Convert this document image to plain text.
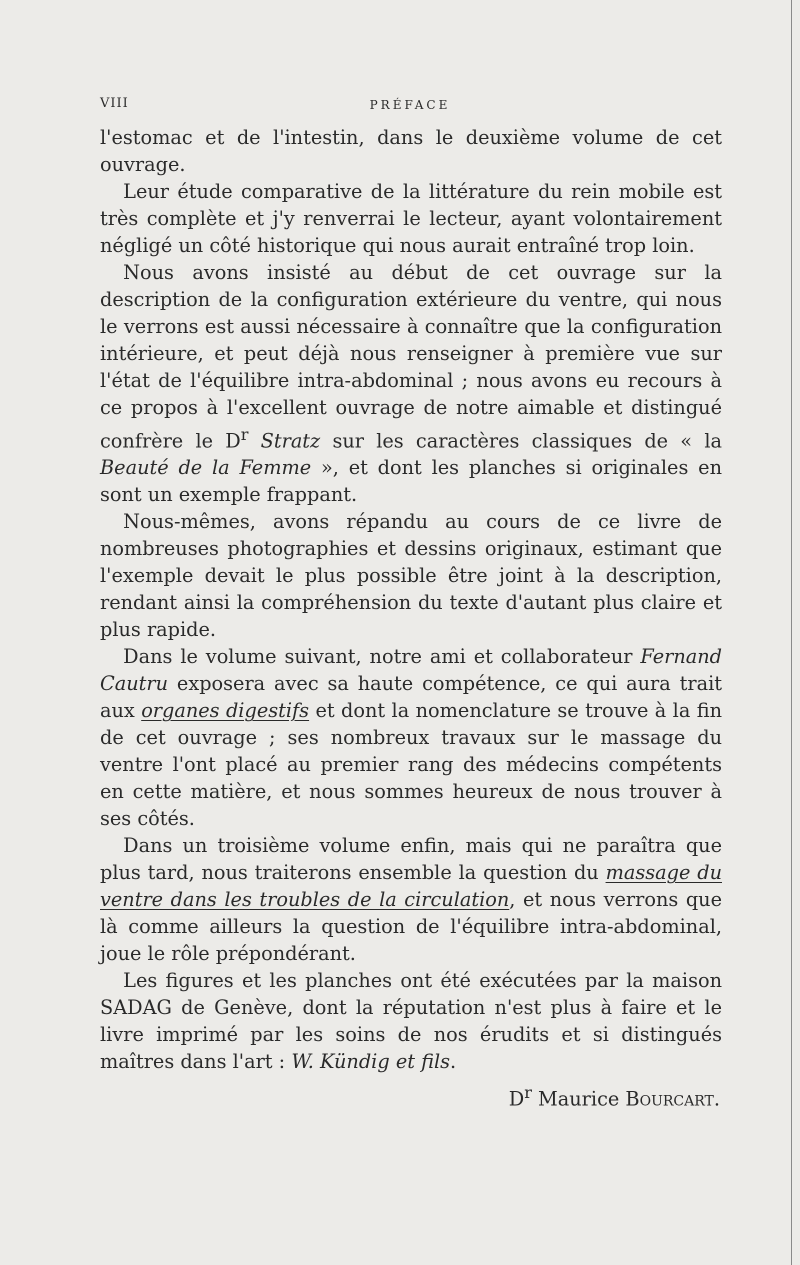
VIII	PRÉFACE

l'estomac et de l'intestin, dans le deuxième volume de cet ouvrage.

Leur étude comparative de la littérature du rein mobile est très complète et j'y renverrai le lecteur, ayant volontairement négligé un côté historique qui nous aurait entraîné trop loin.

Nous avons insisté au début de cet ouvrage sur la description de la configuration extérieure du ventre, qui nous le verrons est aussi nécessaire à connaître que la configuration intérieure, et peut déjà nous renseigner à première vue sur l'état de l'équilibre intra-abdominal ; nous avons eu recours à ce propos à l'excellent ouvrage de notre aimable et distingué confrère le $D^r$ Stratz sur les caractères classiques de « la Beauté de la Femme », et dont les planches si originales en sont un exemple frappant.

Nous-mêmes, avons répandu au cours de ce livre de nombreuses photographies et dessins originaux, estimant que l'exemple devait le plus possible être joint à la description, rendant ainsi la compréhension du texte d'autant plus claire et plus rapide.

Dans le volume suivant, notre ami et collaborateur Fernand Cautru exposera avec sa haute compétence, ce qui aura trait aux organes digestifs et dont la nomenclature se trouve à la fin de cet ouvrage ; ses nombreux travaux sur le massage du ventre l'ont placé au premier rang des médecins compétents en cette matière, et nous sommes heureux de nous trouver à ses côtés.

Dans un troisième volume enfin, mais qui ne paraîtra que plus tard, nous traiterons ensemble la question du massage du ventre dans les troubles de la circulation, et nous verrons que là comme ailleurs la question de l'équilibre intra-abdominal, joue le rôle prépondérant.

Les figures et les planches ont été exécutées par la maison SADAG de Genève, dont la réputation n'est plus à faire et le livre imprimé par les soins de nos érudits et si distingués maîtres dans l'art : W. Kündig et fils.

$D^r$ Maurice Bourcart.
